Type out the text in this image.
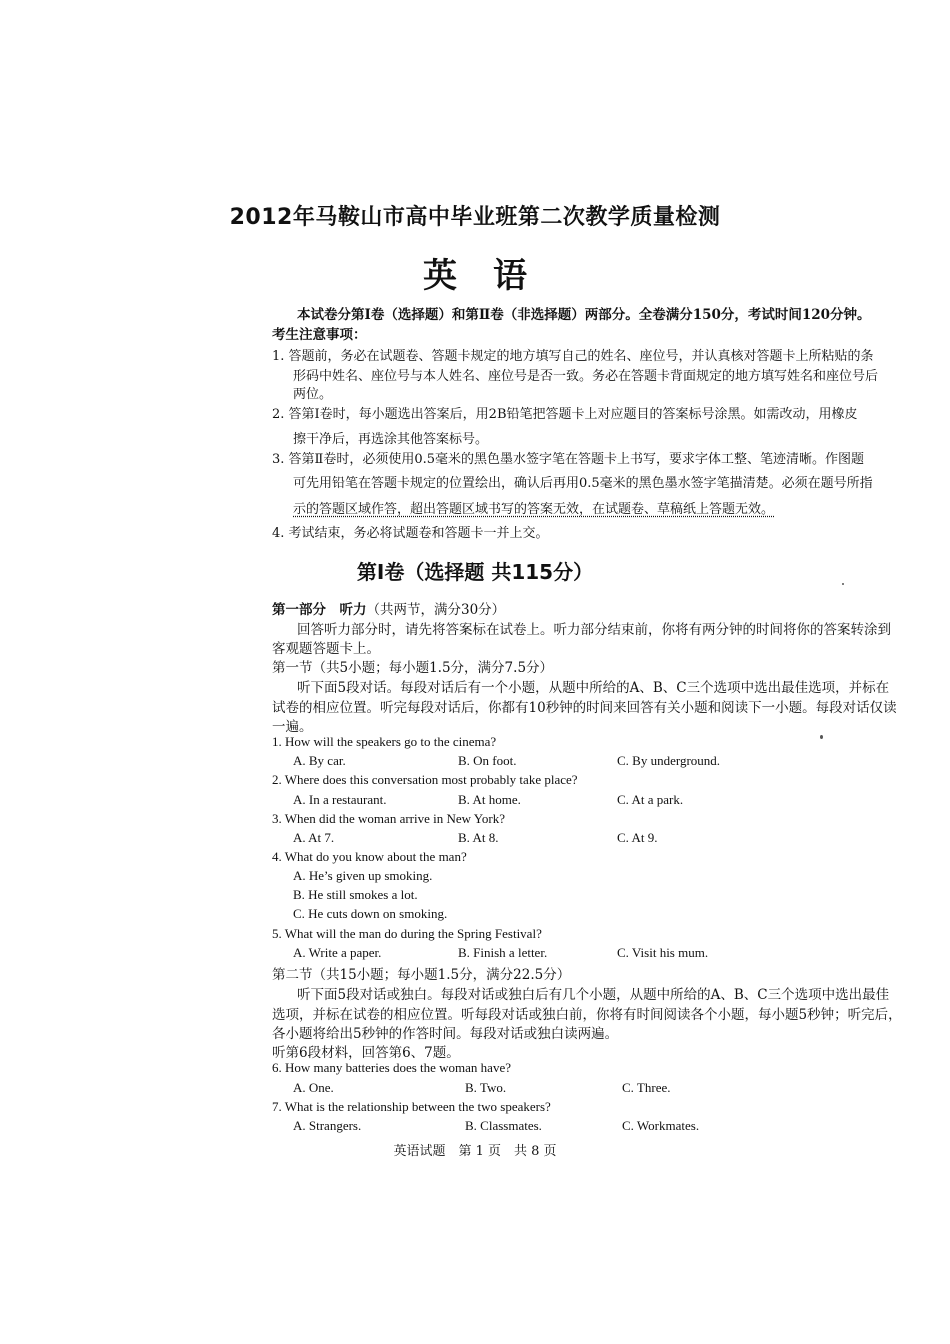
2012年马鞍山市高中毕业班第二次教学质量检测
英 语
本试卷分第Ⅰ卷（选择题）和第Ⅱ卷（非选择题）两部分。全卷满分150分，考试时间120分钟。
考生注意事项：
1. 答题前，务必在试题卷、答题卡规定的地方填写自己的姓名、座位号，并认真核对答题卡上所粘贴的条
形码中姓名、座位号与本人姓名、座位号是否一致。务必在答题卡背面规定的地方填写姓名和座位号后
两位。
2. 答第Ⅰ卷时，每小题选出答案后，用2B铅笔把答题卡上对应题目的答案标号涂黑。如需改动，用橡皮
擦干净后，再选涂其他答案标号。
3. 答第Ⅱ卷时，必须使用0.5毫米的黑色墨水签字笔在答题卡上书写，要求字体工整、笔迹清晰。作图题
可先用铅笔在答题卡规定的位置绘出，确认后再用0.5毫米的黑色墨水签字笔描清楚。必须在题号所指
示的答题区域作答，超出答题区域书写的答案无效，在试题卷、草稿纸上答题无效。
4. 考试结束，务必将试题卷和答题卡一并上交。
第Ⅰ卷（选择题 共115分）
第一部分　听力（共两节，满分30分）
回答听力部分时，请先将答案标在试卷上。听力部分结束前，你将有两分钟的时间将你的答案转涂到
客观题答题卡上。
第一节（共5小题；每小题1.5分，满分7.5分）
听下面5段对话。每段对话后有一个小题，从题中所给的A、B、C三个选项中选出最佳选项，并标在
试卷的相应位置。听完每段对话后，你都有10秒钟的时间来回答有关小题和阅读下一小题。每段对话仅读
一遍。
1. How will the speakers go to the cinema?
A. By car.	B. On foot.	C. By underground.
2. Where does this conversation most probably take place?
A. In a restaurant.	B. At home.	C. At a park.
3. When did the woman arrive in New York?
A. At 7.	B. At 8.	C. At 9.
4. What do you know about the man?
A. He’s given up smoking.
B. He still smokes a lot.
C. He cuts down on smoking.
5. What will the man do during the Spring Festival?
A. Write a paper.	B. Finish a letter.	C. Visit his mum.
第二节（共15小题；每小题1.5分，满分22.5分）
听下面5段对话或独白。每段对话或独白后有几个小题，从题中所给的A、B、C三个选项中选出最佳
选项，并标在试卷的相应位置。听每段对话或独白前，你将有时间阅读各个小题，每小题5秒钟；听完后，
各小题将给出5秒钟的作答时间。每段对话或独白读两遍。
听第6段材料，回答第6、7题。
6. How many batteries does the woman have?
A. One.	B. Two.	C. Three.
7. What is the relationship between the two speakers?
A. Strangers.	B. Classmates.	C. Workmates.
英语试题　第 1 页　共 8 页
